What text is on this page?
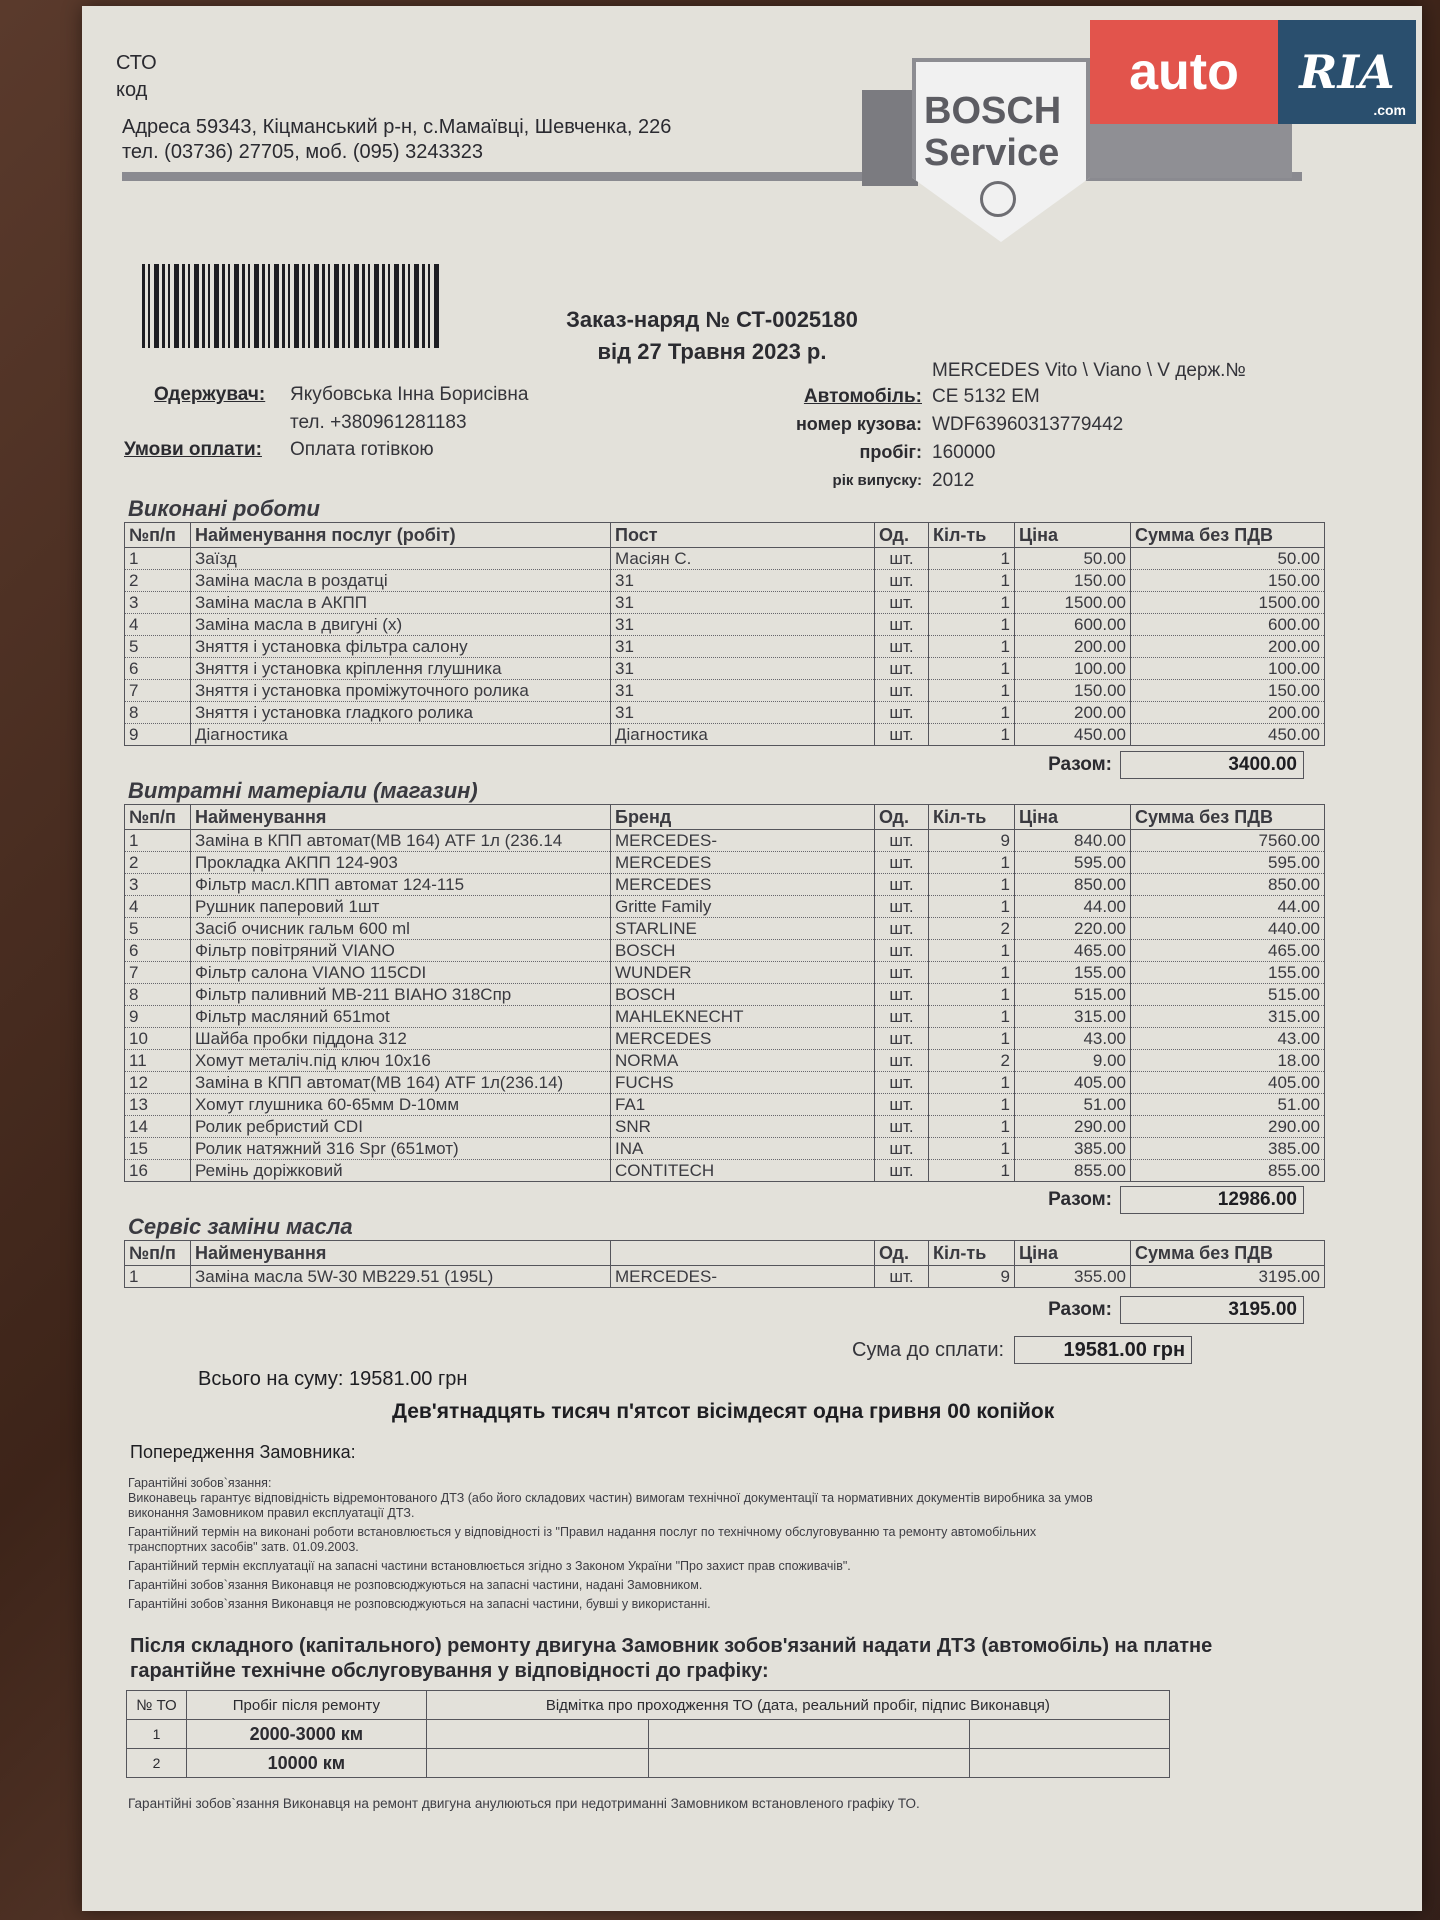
СТО
код
Адреса 59343, Кіцманський р-н, с.Мамаївці, Шевченка, 226
тел. (03736) 27705, моб. (095) 3243323
BOSCH
Service
Заказ-наряд № СТ-0025180
від 27 Травня 2023 р.
Одержувач: Якубовська Інна Борисівна
тел. +380961281183
Умови оплати: Оплата готівкою
MERCEDES Vito \ Viano \ V держ.№
Автомобіль: CE 5132 EM
номер кузова: WDF63960313779442
пробіг: 160000
рік випуску: 2012
Виконані роботи
№п/п	Найменування послуг (робіт)	Пост	Од.	Кіл-ть	Ціна	Сумма без ПДВ
1	Заїзд	Масіян С.	шт.	1	50.00	50.00
2	Заміна масла в роздатці	31	шт.	1	150.00	150.00
3	Заміна масла в АКПП	31	шт.	1	1500.00	1500.00
4	Заміна масла в двигуні (х)	31	шт.	1	600.00	600.00
5	Зняття і установка фільтра салону	31	шт.	1	200.00	200.00
6	Зняття і установка кріплення глушника	31	шт.	1	100.00	100.00
7	Зняття і установка проміжуточного ролика	31	шт.	1	150.00	150.00
8	Зняття і установка гладкого ролика	31	шт.	1	200.00	200.00
9	Діагностика	Діагностика	шт.	1	450.00	450.00
Разом:	3400.00
Витратні матеріали (магазин)
№п/п	Найменування	Бренд	Од.	Кіл-ть	Ціна	Сумма без ПДВ
1	Заміна в КПП автомат(МВ 164) ATF 1л (236.14	MERCEDES-	шт.	9	840.00	7560.00
2	Прокладка АКПП 124-903	MERCEDES	шт.	1	595.00	595.00
3	Фільтр масл.КПП автомат 124-115	MERCEDES	шт.	1	850.00	850.00
4	Рушник паперовий 1шт	Gritte Family	шт.	1	44.00	44.00
5	Засіб очисник гальм 600 ml	STARLINE	шт.	2	220.00	440.00
6	Фільтр повітряний VIANO	BOSCH	шт.	1	465.00	465.00
7	Фільтр салона VIANO 115CDI	WUNDER	шт.	1	155.00	155.00
8	Фільтр паливний МВ-211 ВІАНО 318Спр	BOSCH	шт.	1	515.00	515.00
9	Фільтр масляний 651mot	MAHLEKNECHT	шт.	1	315.00	315.00
10	Шайба пробки піддона 312	MERCEDES	шт.	1	43.00	43.00
11	Хомут металіч.під ключ 10х16	NORMA	шт.	2	9.00	18.00
12	Заміна в КПП автомат(МВ 164) ATF 1л(236.14)	FUCHS	шт.	1	405.00	405.00
13	Хомут глушника 60-65мм D-10мм	FA1	шт.	1	51.00	51.00
14	Ролик ребристий CDI	SNR	шт.	1	290.00	290.00
15	Ролик натяжний 316 Spr (651мот)	INA	шт.	1	385.00	385.00
16	Ремінь доріжковий	CONTITECH	шт.	1	855.00	855.00
Разом:	12986.00
Сервіс заміни масла
№п/п	Найменування		Од.	Кіл-ть	Ціна	Сумма без ПДВ
1	Заміна масла 5W-30 MB229.51 (195L)	MERCEDES-	шт.	9	355.00	3195.00
Разом:	3195.00
Сума до сплати:	19581.00 грн
Всього на суму: 19581.00 грн
Дев'ятнадцять тисяч п'ятсот вісімдесят одна гривня 00 копійок
Попередження Замовника:
Гарантійні зобов`язання:
Виконавець гарантує відповідність відремонтованого ДТЗ (або його складових частин) вимогам технічної документації та нормативних документів виробника за умов
виконання Замовником правил експлуатації ДТЗ.
Гарантійний термін на виконані роботи встановлюється у відповідності із "Правил надання послуг по технічному обслуговуванню та ремонту автомобільних
транспортних засобів" затв. 01.09.2003.
Гарантійний термін експлуатації на запасні частини встановлюється згідно з Законом України "Про захист прав споживачів".
Гарантійні зобов`язання Виконавця не розповсюджуються на запасні частини, надані Замовником.
Гарантійні зобов`язання Виконавця не розповсюджуються на запасні частини, бувші у використанні.
Після складного (капітального) ремонту двигуна Замовник зобов'язаний надати ДТЗ (автомобіль) на платне
гарантійне технічне обслуговування у відповідності до графіку:
№ ТО	Пробіг після ремонту	Відмітка про проходження ТО (дата, реальний пробіг, підпис Виконавця)		
1	2000-3000 км			
2	10000 км			
Гарантійні зобов`язання Виконавця на ремонт двигуна анулюються при недотриманні Замовником встановленого графіку ТО.
auto	RIA
.com
